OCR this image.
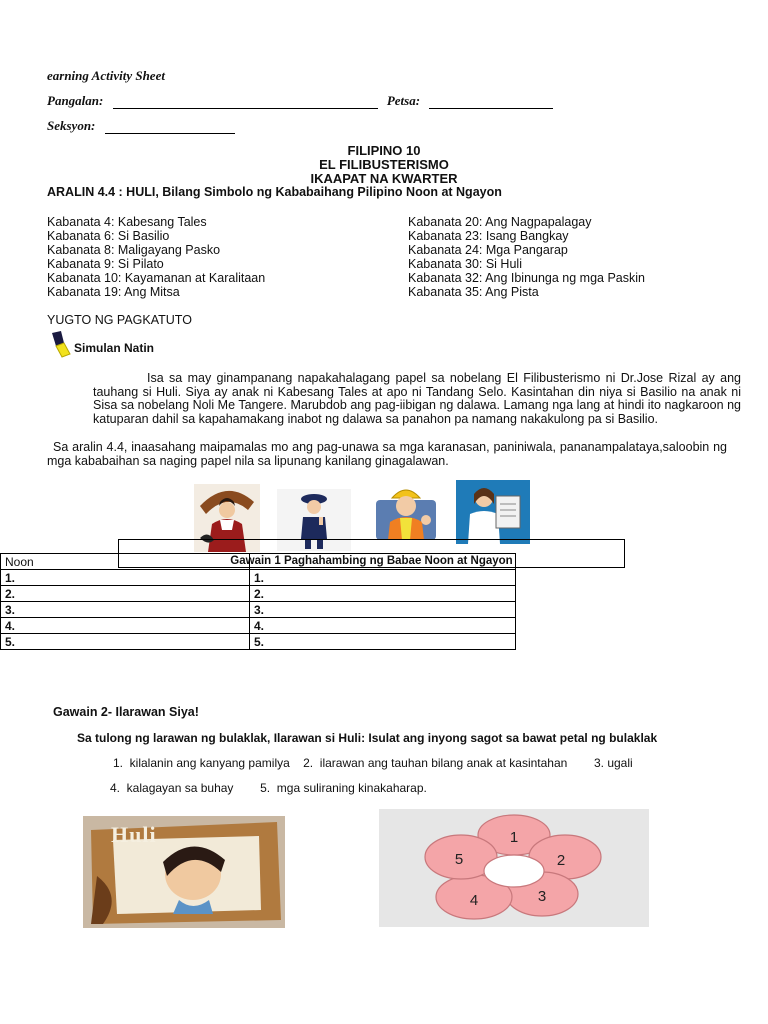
earning Activity Sheet
Pangalan:	Petsa:
Seksyon:
FILIPINO 10
EL FILIBUSTERISMO
IKAAPAT NA KWARTER
ARALIN 4.4 : HULI, Bilang Simbolo ng Kababaihang Pilipino Noon at Ngayon
Kabanata 4: Kabesang Tales
Kabanata 6: Si Basilio
Kabanata 8: Maligayang Pasko
Kabanata 9: Si Pilato
Kabanata 10: Kayamanan at Karalitaan
Kabanata 19: Ang Mitsa
Kabanata 20: Ang Nagpapalagay
Kabanata 23: Isang Bangkay
Kabanata 24: Mga Pangarap
Kabanata 30: Si Huli
Kabanata 32: Ang Ibinunga ng mga Paskin
Kabanata 35: Ang Pista
YUGTO NG PAGKATUTO
Simulan Natin
Isa sa may ginampanang napakahalagang papel sa nobelang El Filibusterismo ni Dr.Jose Rizal ay ang tauhang si Huli. Siya ay anak ni Kabesang Tales at apo ni Tandang Selo. Kasintahan din niya si Basilio na anak ni Sisa sa nobelang Noli Me Tangere. Marubdob ang pag-iibigan ng dalawa. Lamang nga lang at hindi ito nagkaroon ng katuparan dahil sa kapahamakang inabot ng dalawa sa panahon pa namang nakakulong pa si Basilio.
Sa aralin 4.4, inaasahang maipamalas mo ang pag-unawa sa mga karanasan, paniniwala, pananampalataya,saloobin ng mga kababaihan sa naging papel nila sa lipunang kanilang ginagalawan.
Gawain 1 Paghahambing ng Babae Noon at Ngayon
Noon	
1.	1.
2.	2.
3.	3.
4.	4.
5.	5.
Gawain 2- Ilarawan Siya!
Sa tulong ng larawan ng bulaklak, Ilarawan si Huli: Isulat ang inyong sagot sa bawat petal ng bulaklak
1.  kilalanin ang kanyang pamilya    2.  ilarawan ang tauhan bilang anak at kasintahan        3. ugali
4.  kalagayan sa buhay        5.  mga suliraning kinakaharap.
Huli	1
2
3
4
5
